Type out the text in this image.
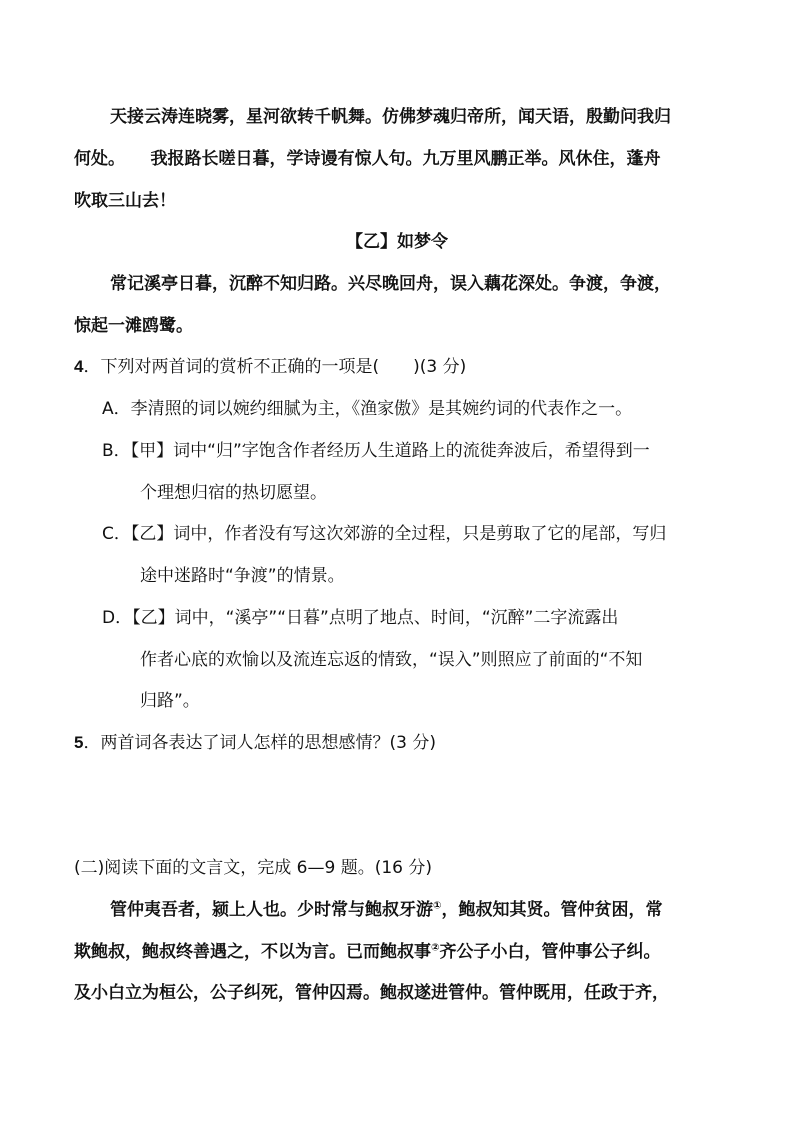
天接云涛连晓雾，星河欲转千帆舞。仿佛梦魂归帝所，闻天语，殷勤问我归
何处。　　我报路长嗟日暮，学诗谩有惊人句。九万里风鹏正举。风休住，蓬舟
吹取三山去！
【乙】如梦令
常记溪亭日暮，沉醉不知归路。兴尽晚回舟，误入藕花深处。争渡，争渡，
惊起一滩鸥鹭。
4．下列对两首词的赏析不正确的一项是(　　)(3 分)
A．李清照的词以婉约细腻为主，《渔家傲》是其婉约词的代表作之一。
B．【甲】词中“归”字饱含作者经历人生道路上的流徙奔波后，希望得到一
个理想归宿的热切愿望。
C．【乙】词中，作者没有写这次郊游的全过程，只是剪取了它的尾部，写归
途中迷路时“争渡”的情景。
D．【乙】词中，“溪亭”“日暮”点明了地点、时间，“沉醉”二字流露出
作者心底的欢愉以及流连忘返的情致，“误入”则照应了前面的“不知
归路”。
5．两首词各表达了词人怎样的思想感情？(3 分)
(二)阅读下面的文言文，完成 6—9 题。(16 分)
管仲夷吾者，颍上人也。少时常与鲍叔牙游①，鲍叔知其贤。管仲贫困，常
欺鲍叔，鲍叔终善遇之，不以为言。已而鲍叔事②齐公子小白，管仲事公子纠。
及小白立为桓公，公子纠死，管仲囚焉。鲍叔遂进管仲。管仲既用，任政于齐，
